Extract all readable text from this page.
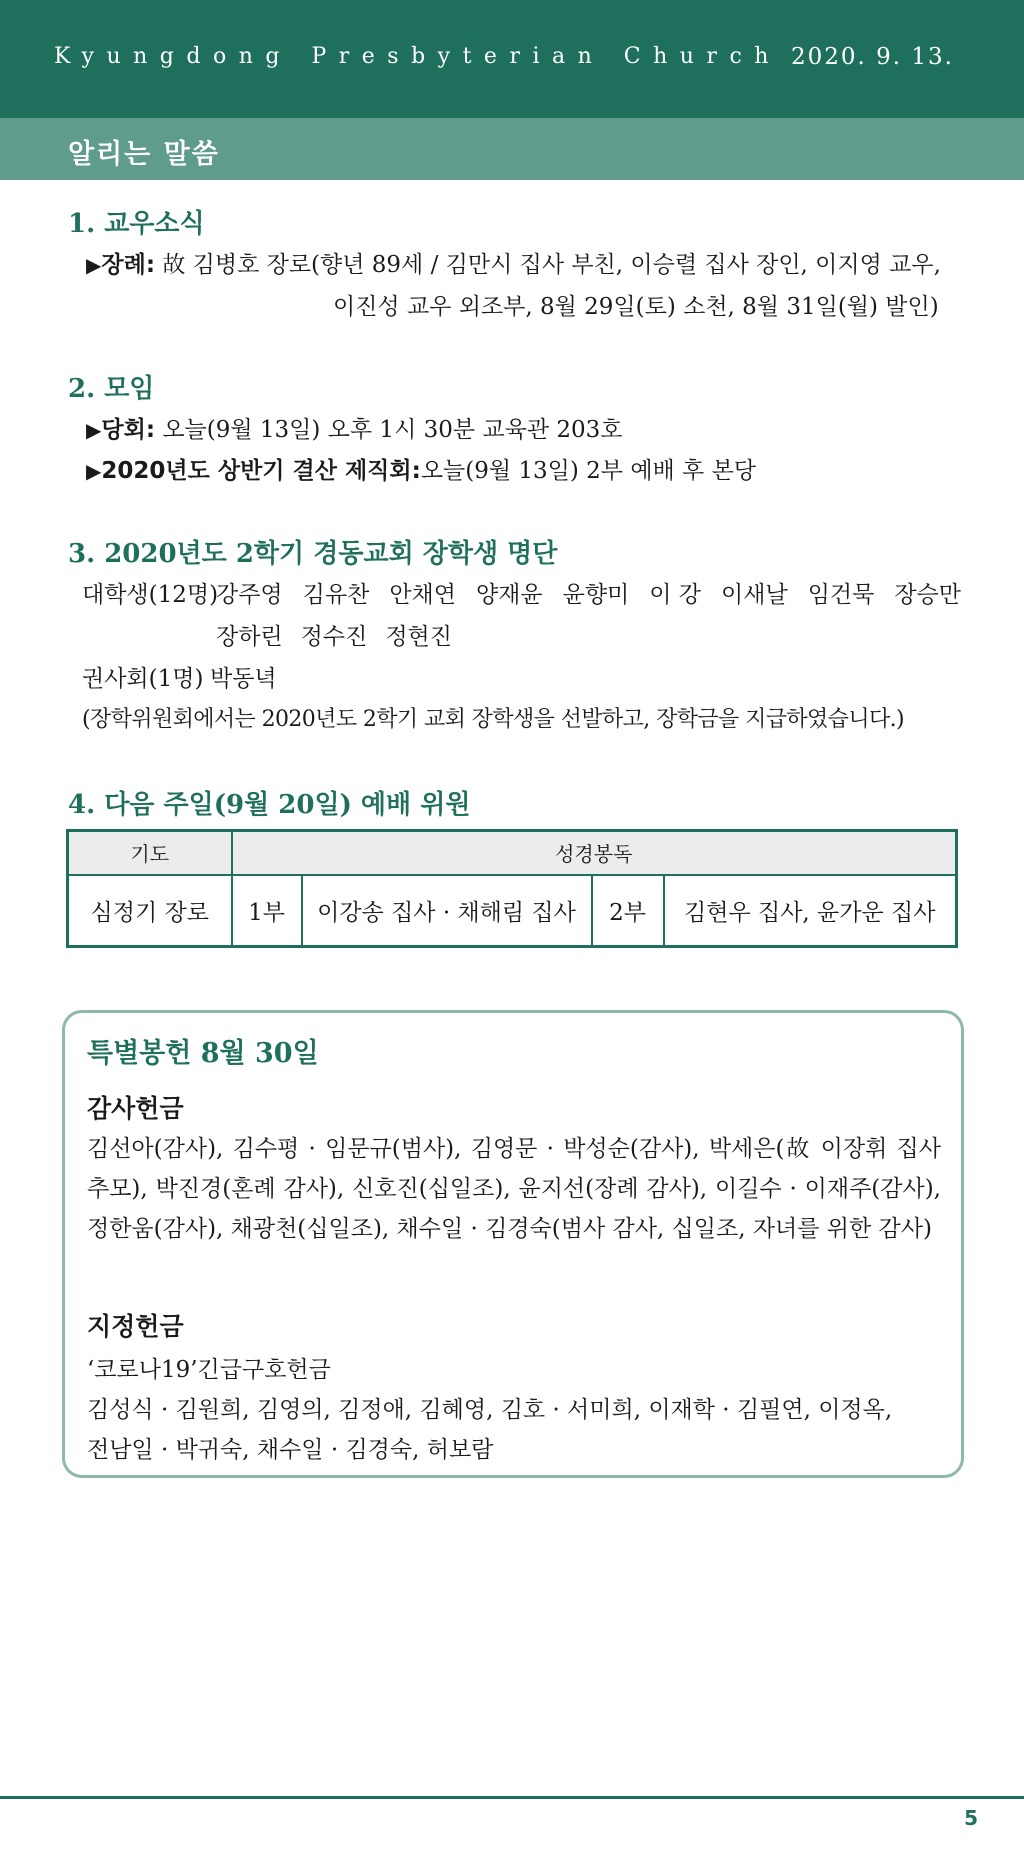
Kyungdong Presbyterian Church 2020. 9. 13.
알리는 말씀
1. 교우소식
▶장례: 故 김병호 장로(향년 89세 / 김만시 집사 부친, 이승렬 집사 장인, 이지영 교우,
이진성 교우 외조부, 8월 29일(토) 소천, 8월 31일(월) 발인)
2. 모임
▶당회: 오늘(9월 13일) 오후 1시 30분 교육관 203호
▶2020년도 상반기 결산 제직회:오늘(9월 13일) 2부 예배 후 본당
3. 2020년도 2학기 경동교회 장학생 명단
대학생(12명)
강주영 김유찬 안채연 양재윤 윤향미 이 강 이새날 임건묵 장승만
장하린 정수진 정현진
권사회(1명) 박동녁
(장학위원회에서는 2020년도 2학기 교회 장학생을 선발하고, 장학금을 지급하였습니다.)
4. 다음 주일(9월 20일) 예배 위원
기도	성경봉독			
심정기 장로	1부	이강송 집사 · 채해림 집사	2부	김현우 집사, 윤가운 집사
특별봉헌 8월 30일
감사헌금
김선아(감사), 김수평 · 임문규(범사), 김영문 · 박성순(감사), 박세은(故 이장휘 집사 추모), 박진경(혼례 감사), 신호진(십일조), 윤지선(장례 감사), 이길수 · 이재주(감사), 정한움(감사), 채광천(십일조), 채수일 · 김경숙(범사 감사, 십일조, 자녀를 위한 감사)
지정헌금
‘코로나19’긴급구호헌금
김성식 · 김원희, 김영의, 김정애, 김혜영, 김호 · 서미희, 이재학 · 김필연, 이정옥,
전남일 · 박귀숙, 채수일 · 김경숙, 허보람
5
